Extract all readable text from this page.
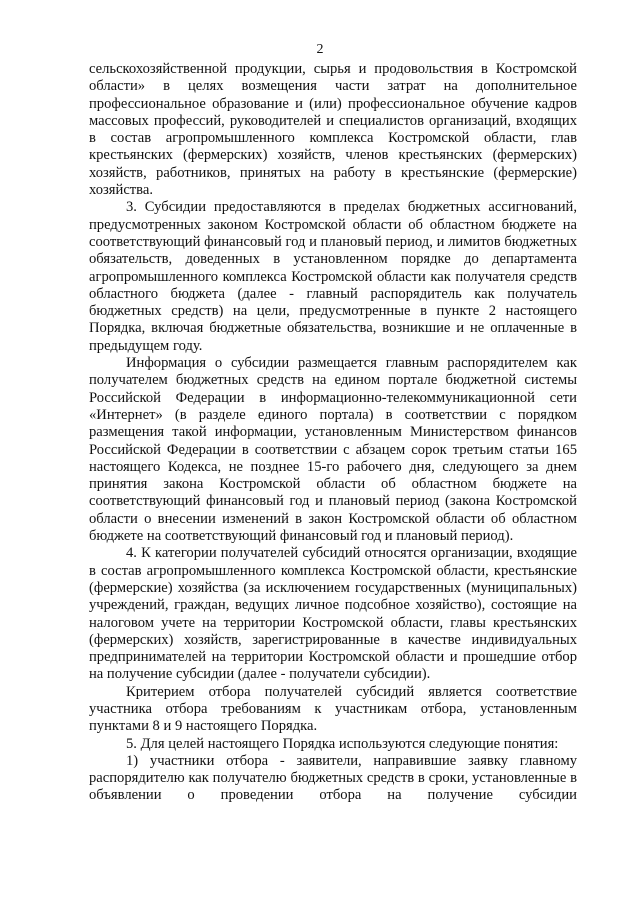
2

сельскохозяйственной продукции, сырья и продовольствия в Костромской области» в целях возмещения части затрат на дополнительное профессиональное образование и (или) профессиональное обучение кадров массовых профессий, руководителей и специалистов организаций, входящих в состав агропромышленного комплекса Костромской области, глав крестьянских (фермерских) хозяйств, членов крестьянских (фермерских) хозяйств, работников, принятых на работу в крестьянские (фермерские) хозяйства.

3. Субсидии предоставляются в пределах бюджетных ассигнований, предусмотренных законом Костромской области об областном бюджете на соответствующий финансовый год и плановый период, и лимитов бюджетных обязательств, доведенных в установленном порядке до департамента агропромышленного комплекса Костромской области как получателя средств областного бюджета (далее - главный распорядитель как получатель бюджетных средств) на цели, предусмотренные в пункте 2 настоящего Порядка, включая бюджетные обязательства, возникшие и не оплаченные в предыдущем году.

Информация о субсидии размещается главным распорядителем как получателем бюджетных средств на едином портале бюджетной системы Российской Федерации в информационно-телекоммуникационной сети «Интернет» (в разделе единого портала) в соответствии с порядком размещения такой информации, установленным Министерством финансов Российской Федерации в соответствии с абзацем сорок третьим статьи 165 настоящего Кодекса, не позднее 15-го рабочего дня, следующего за днем принятия закона Костромской области об областном бюджете на соответствующий финансовый год и плановый период (закона Костромской области о внесении изменений в закон Костромской области об областном бюджете на соответствующий финансовый год и плановый период).

4. К категории получателей субсидий относятся организации, входящие в состав агропромышленного комплекса Костромской области, крестьянские (фермерские) хозяйства (за исключением государственных (муниципальных) учреждений, граждан, ведущих личное подсобное хозяйство), состоящие на налоговом учете на территории Костромской области, главы крестьянских (фермерских) хозяйств, зарегистрированные в качестве индивидуальных предпринимателей на территории Костромской области и прошедшие отбор на получение субсидии (далее - получатели субсидии).

Критерием отбора получателей субсидий является соответствие участника отбора требованиям к участникам отбора, установленным пунктами 8 и 9 настоящего Порядка.

5. Для целей настоящего Порядка используются следующие понятия:

1) участники отбора - заявители, направившие заявку главному распорядителю как получателю бюджетных средств в сроки, установленные в объявлении о проведении отбора на получение субсидии
